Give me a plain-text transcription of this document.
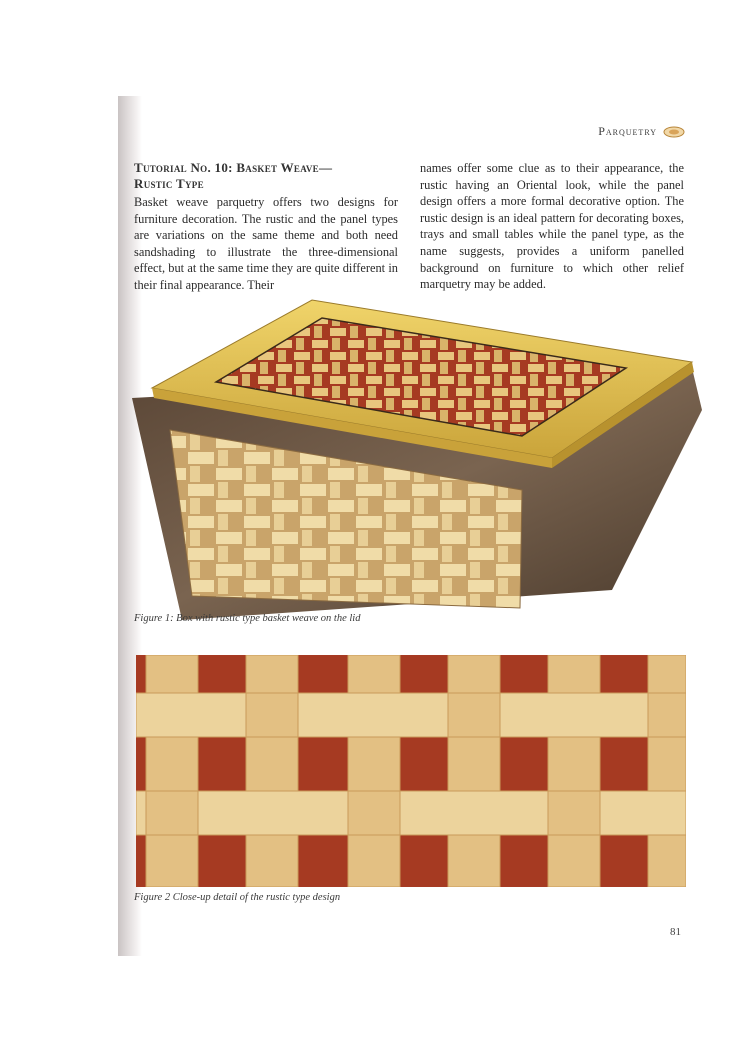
Parquetry
Tutorial No. 10: Basket Weave—
Rustic Type

Basket weave parquetry offers two designs for furniture decoration. The rustic and the panel types are variations on the same theme and both need sandshading to illustrate the three-dimensional effect, but at the same time they are quite different in their final appearance. Their

names offer some clue as to their appearance, the rustic having an Oriental look, while the panel design offers a more formal decorative option. The rustic design is an ideal pattern for decorating boxes, trays and small tables while the panel type, as the name suggests, provides a uniform panelled background on furniture to which other relief marquetry may be added.

Figure 1: Box with rustic type basket weave on the lid
Figure 2 Close-up detail of the rustic type design
81
